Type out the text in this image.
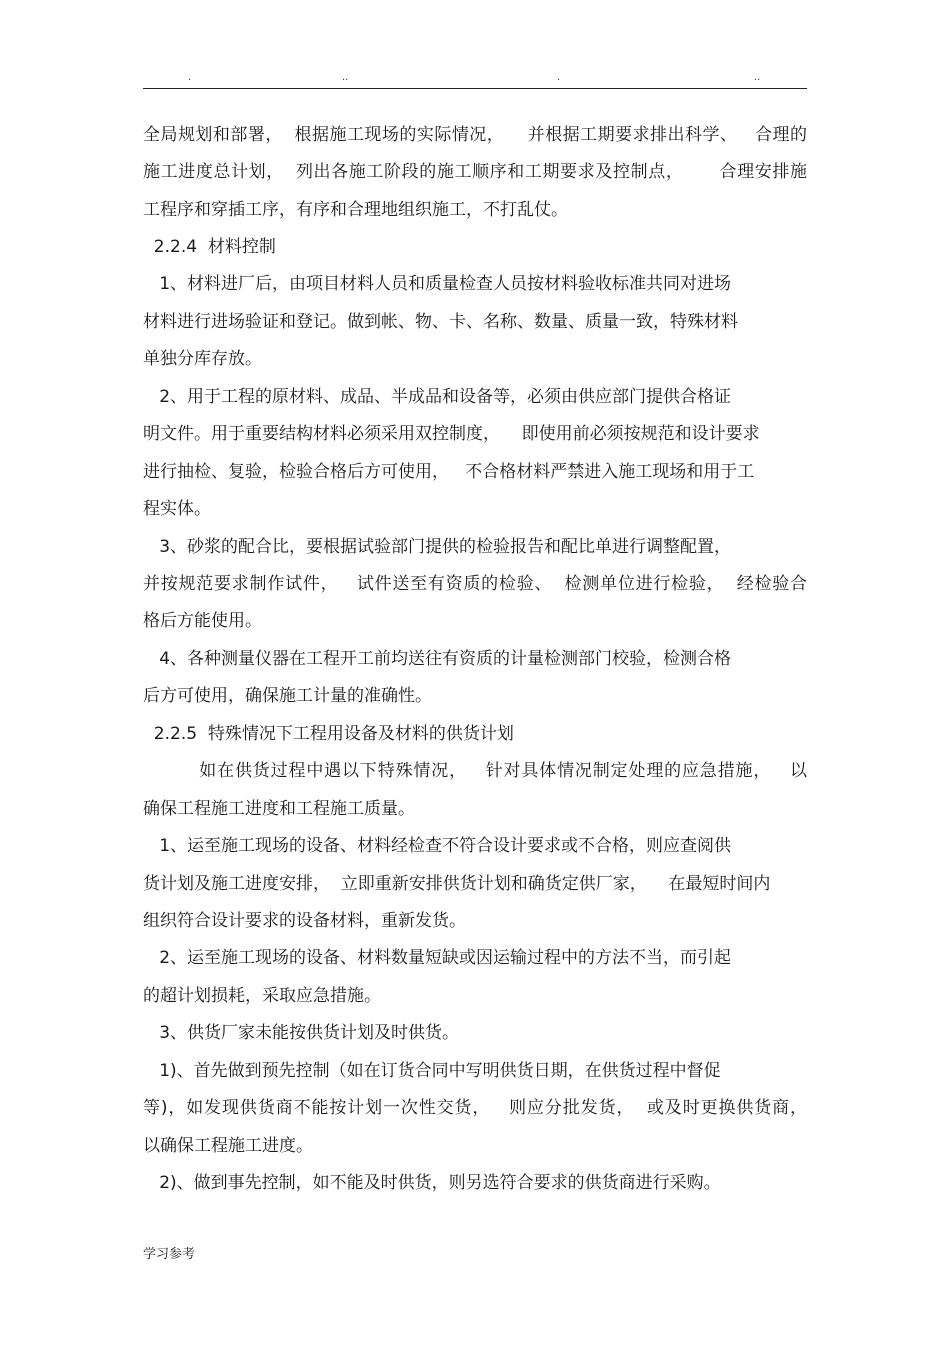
.	..	.	..
全局规划和部署，  根据施工现场的实际情况，    并根据工期要求排出科学、   合理的
施工进度总计划，  列出各施工阶段的施工顺序和工期要求及控制点，      合理安排施
工程序和穿插工序，有序和合理地组织施工，不打乱仗。
2.2.4  材料控制
1、材料进厂后，由项目材料人员和质量检查人员按材料验收标准共同对进场
材料进行进场验证和登记。做到帐、物、卡、名称、数量、质量一致，特殊材料
单独分库存放。
2、用于工程的原材料、成品、半成品和设备等，必须由供应部门提供合格证
明文件。用于重要结构材料必须采用双控制度，    即使用前必须按规范和设计要求
进行抽检、复验，检验合格后方可使用，   不合格材料严禁进入施工现场和用于工
程实体。
3、砂浆的配合比，要根据试验部门提供的检验报告和配比单进行调整配置，
并按规范要求制作试件，   试件送至有资质的检验、  检测单位进行检验，  经检验合
格后方能使用。
4、各种测量仪器在工程开工前均送往有资质的计量检测部门校验，检测合格
后方可使用，确保施工计量的准确性。
2.2.5  特殊情况下工程用设备及材料的供货计划
如在供货过程中遇以下特殊情况，   针对具体情况制定处理的应急措施，   以
确保工程施工进度和工程施工质量。
1、运至施工现场的设备、材料经检查不符合设计要求或不合格，则应查阅供
货计划及施工进度安排，  立即重新安排供货计划和确货定供厂家，    在最短时间内
组织符合设计要求的设备材料，重新发货。
2、运至施工现场的设备、材料数量短缺或因运输过程中的方法不当，而引起
的超计划损耗，采取应急措施。
3、供货厂家未能按供货计划及时供货。
1)、首先做到预先控制（如在订货合同中写明供货日期，在供货过程中督促
等)，如发现供货商不能按计划一次性交货，   则应分批发货，  或及时更换供货商，
以确保工程施工进度。
2)、做到事先控制，如不能及时供货，则另选符合要求的供货商进行采购。
学习参考
